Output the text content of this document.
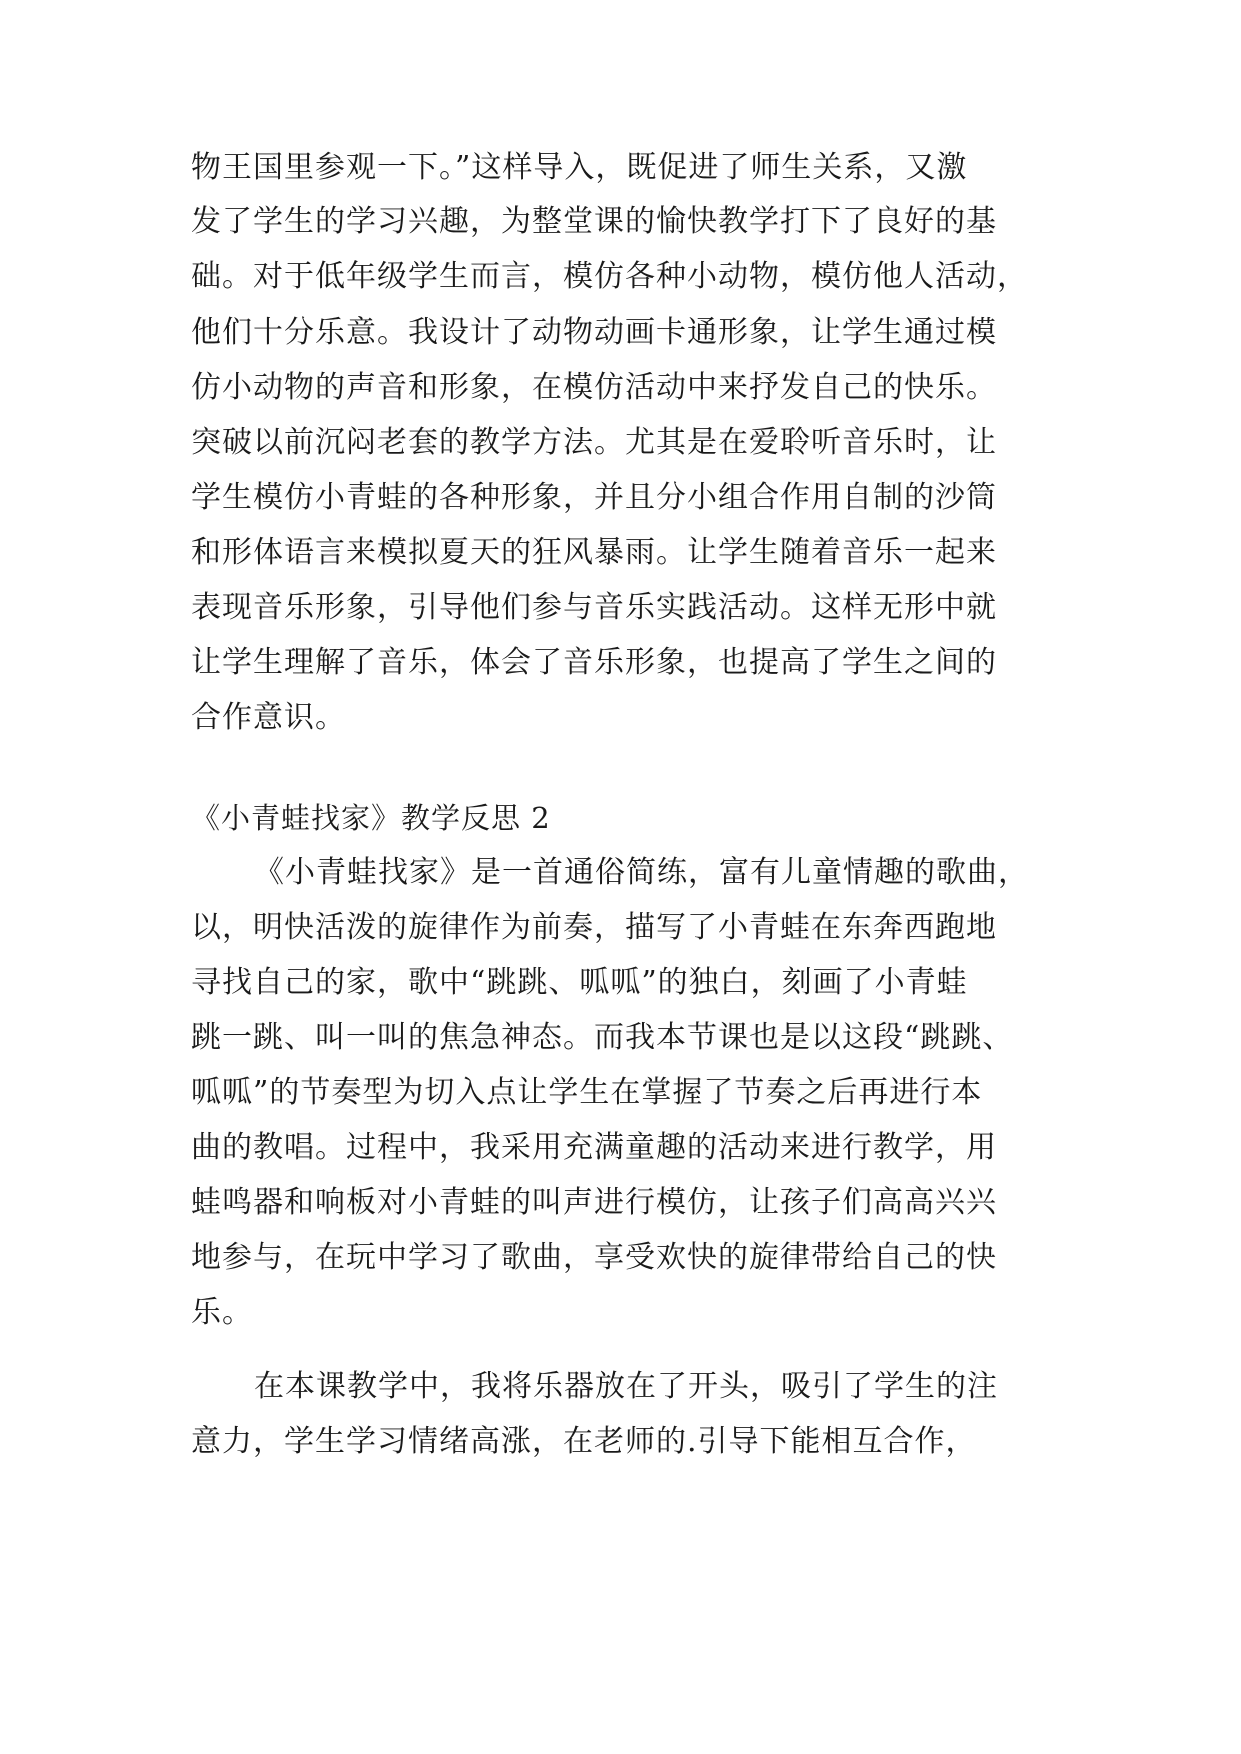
物王国里参观一下。”这样导入，既促进了师生关系，又激
发了学生的学习兴趣，为整堂课的愉快教学打下了良好的基
础。对于低年级学生而言，模仿各种小动物，模仿他人活动，
他们十分乐意。我设计了动物动画卡通形象，让学生通过模
仿小动物的声音和形象，在模仿活动中来抒发自己的快乐。
突破以前沉闷老套的教学方法。尤其是在爱聆听音乐时，让
学生模仿小青蛙的各种形象，并且分小组合作用自制的沙筒
和形体语言来模拟夏天的狂风暴雨。让学生随着音乐一起来
表现音乐形象，引导他们参与音乐实践活动。这样无形中就
让学生理解了音乐，体会了音乐形象，也提高了学生之间的
合作意识。
《小青蛙找家》教学反思 2
《小青蛙找家》是一首通俗简练，富有儿童情趣的歌曲，
以，明快活泼的旋律作为前奏，描写了小青蛙在东奔西跑地
寻找自己的家，歌中“跳跳、呱呱”的独白，刻画了小青蛙
跳一跳、叫一叫的焦急神态。而我本节课也是以这段“跳跳、
呱呱”的节奏型为切入点让学生在掌握了节奏之后再进行本
曲的教唱。过程中，我采用充满童趣的活动来进行教学，用
蛙鸣器和响板对小青蛙的叫声进行模仿，让孩子们高高兴兴
地参与，在玩中学习了歌曲，享受欢快的旋律带给自己的快
乐。
在本课教学中，我将乐器放在了开头，吸引了学生的注
意力，学生学习情绪高涨，在老师的.引导下能相互合作，
